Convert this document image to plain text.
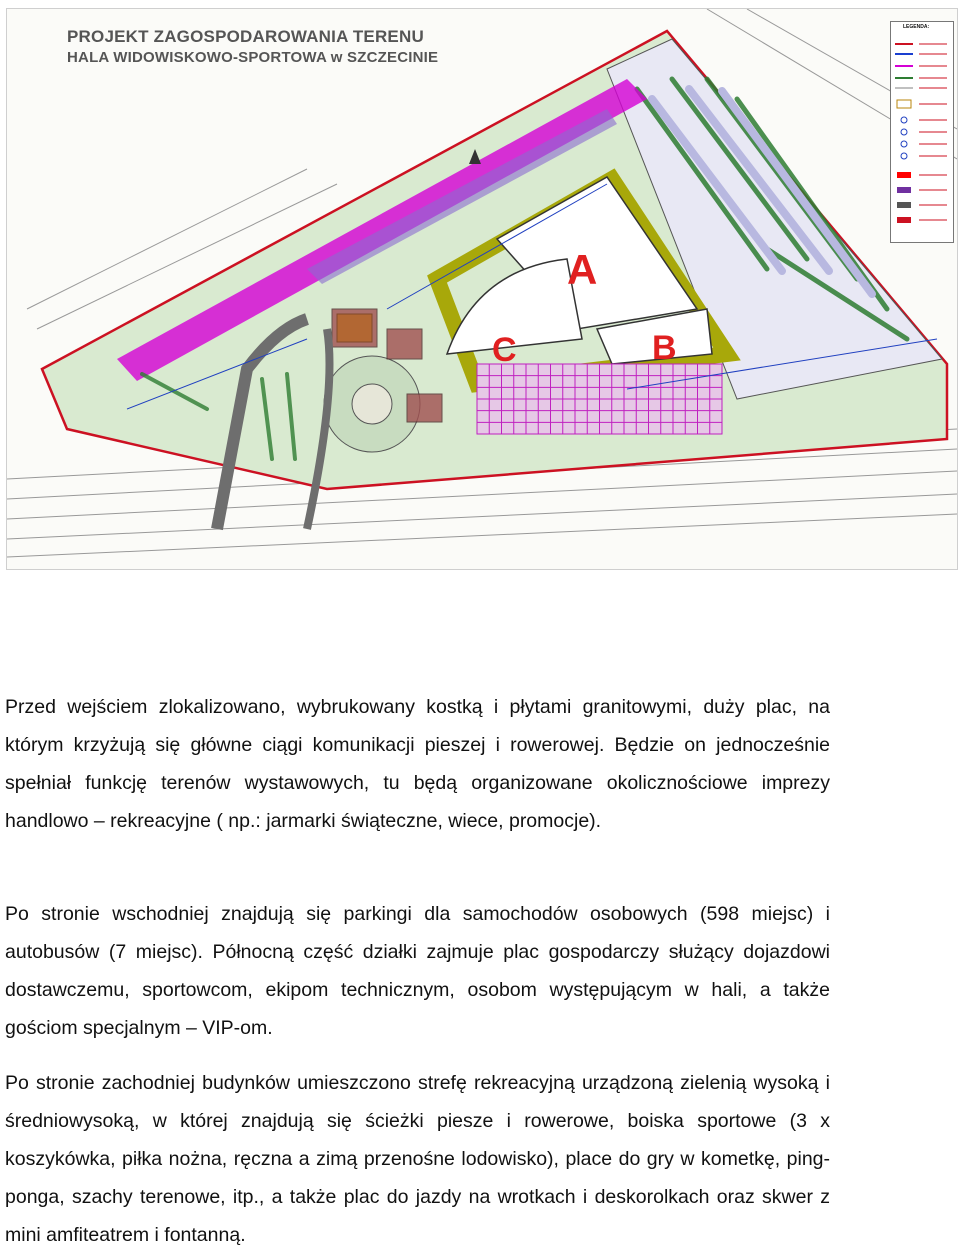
A
B
C
PROJEKT ZAGOSPODAROWANIA TERENU
HALA WIDOWISKOWO-SPORTOWA w SZCZECINIE
LEGENDA:

Przed wejściem zlokalizowano, wybrukowany kostką i płytami granitowymi, duży plac, na którym krzyżują się główne ciągi komunikacji pieszej i rowerowej. Będzie on jednocześnie spełniał funkcję terenów wystawowych, tu będą organizowane okolicznościowe imprezy handlowo – rekreacyjne ( np.: jarmarki świąteczne, wiece, promocje).

Po stronie wschodniej znajdują się parkingi dla samochodów osobowych (598 miejsc) i autobusów (7 miejsc). Północną część działki zajmuje plac gospodarczy służący dojazdowi dostawczemu, sportowcom, ekipom technicznym, osobom występującym w hali, a także gościom specjalnym – VIP-om.

Po stronie zachodniej budynków umieszczono strefę rekreacyjną urządzoną zielenią wysoką i średniowysoką, w której znajdują się ścieżki piesze i rowerowe, boiska sportowe (3 x koszykówka, piłka nożna, ręczna a zimą przenośne lodowisko), place do gry w kometkę, ping-ponga, szachy terenowe, itp., a także plac do jazdy na wrotkach i deskorolkach oraz skwer z mini amfiteatrem i fontanną.
